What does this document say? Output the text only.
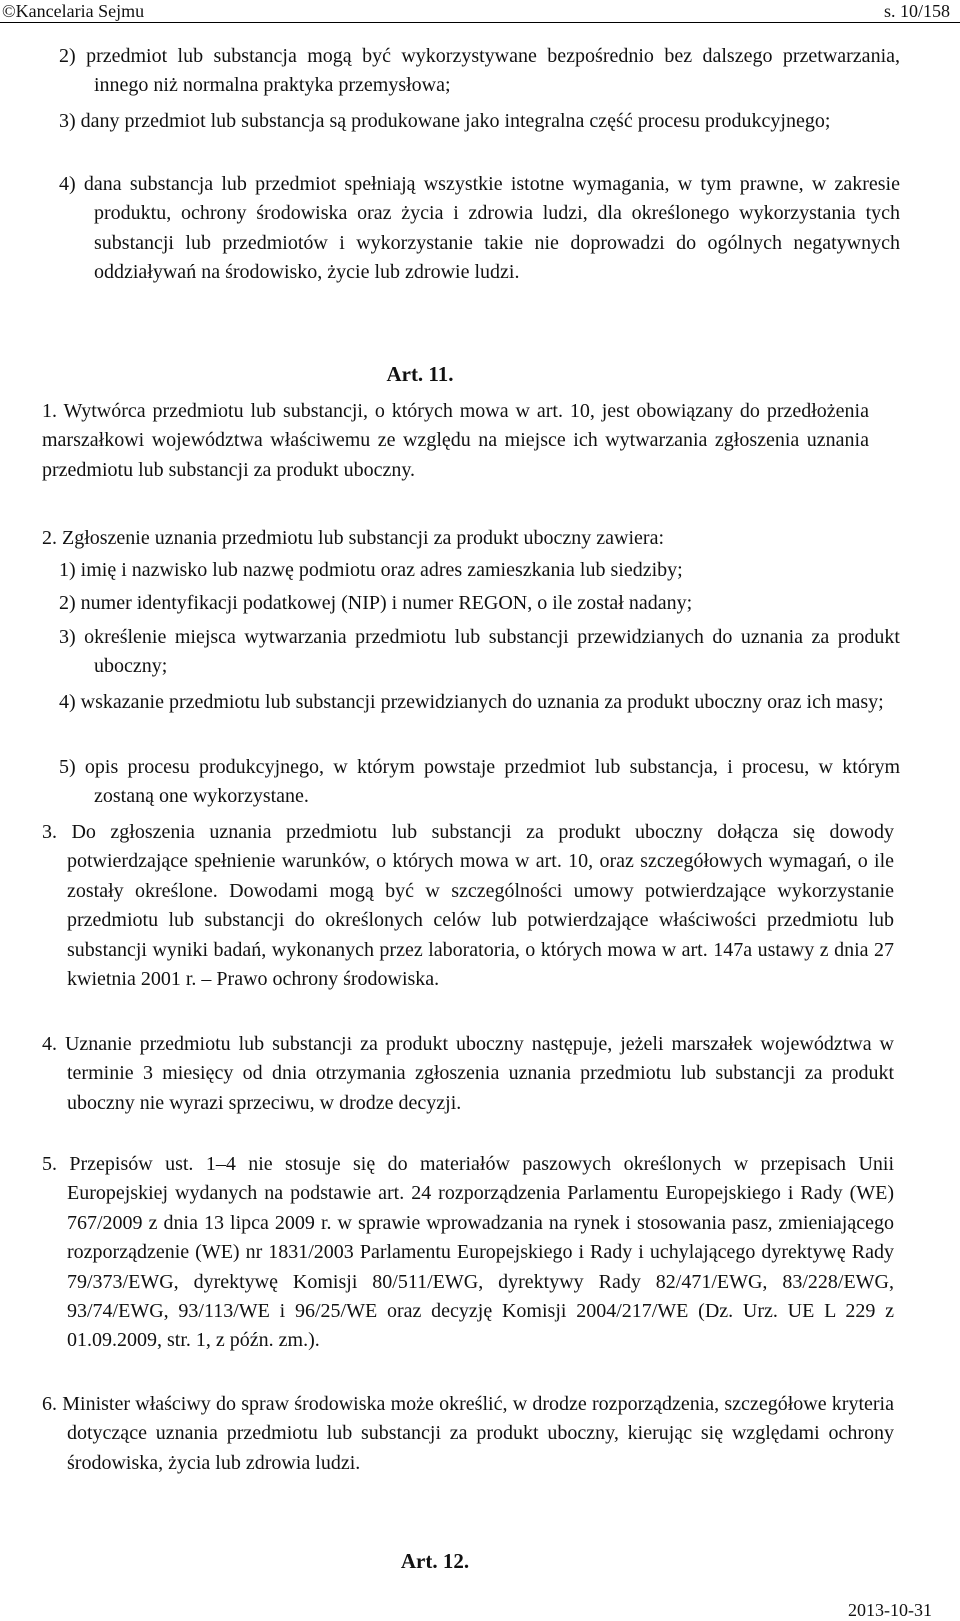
©Kancelaria Sejmu	s. 10/158
2) przedmiot lub substancja mogą być wykorzystywane bezpośrednio bez dalszego przetwarzania, innego niż normalna praktyka przemysłowa;
3) dany przedmiot lub substancja są produkowane jako integralna część procesu produkcyjnego;
4) dana substancja lub przedmiot spełniają wszystkie istotne wymagania, w tym prawne, w zakresie produktu, ochrony środowiska oraz życia i zdrowia ludzi, dla określonego wykorzystania tych substancji lub przedmiotów i wykorzystanie takie nie doprowadzi do ogólnych negatywnych oddziaływań na środowisko, życie lub zdrowie ludzi.
Art. 11.
1. Wytwórca przedmiotu lub substancji, o których mowa w art. 10, jest obowiązany do przedłożenia marszałkowi województwa właściwemu ze względu na miejsce ich wytwarzania zgłoszenia uznania przedmiotu lub substancji za produkt uboczny.
2. Zgłoszenie uznania przedmiotu lub substancji za produkt uboczny zawiera:
1) imię i nazwisko lub nazwę podmiotu oraz adres zamieszkania lub siedziby;
2) numer identyfikacji podatkowej (NIP) i numer REGON, o ile został nadany;
3) określenie miejsca wytwarzania przedmiotu lub substancji przewidzianych do uznania za produkt uboczny;
4) wskazanie przedmiotu lub substancji przewidzianych do uznania za produkt uboczny oraz ich masy;
5) opis procesu produkcyjnego, w którym powstaje przedmiot lub substancja, i procesu, w którym zostaną one wykorzystane.
3. Do zgłoszenia uznania przedmiotu lub substancji za produkt uboczny dołącza się dowody potwierdzające spełnienie warunków, o których mowa w art. 10, oraz szczegółowych wymagań, o ile zostały określone. Dowodami mogą być w szczególności umowy potwierdzające wykorzystanie przedmiotu lub substancji do określonych celów lub potwierdzające właściwości przedmiotu lub substancji wyniki badań, wykonanych przez laboratoria, o których mowa w art. 147a ustawy z dnia 27 kwietnia 2001 r. – Prawo ochrony środowiska.
4. Uznanie przedmiotu lub substancji za produkt uboczny następuje, jeżeli marszałek województwa w terminie 3 miesięcy od dnia otrzymania zgłoszenia uznania przedmiotu lub substancji za produkt uboczny nie wyrazi sprzeciwu, w drodze decyzji.
5. Przepisów ust. 1–4 nie stosuje się do materiałów paszowych określonych w przepisach Unii Europejskiej wydanych na podstawie art. 24 rozporządzenia Parlamentu Europejskiego i Rady (WE) 767/2009 z dnia 13 lipca 2009 r. w sprawie wprowadzania na rynek i stosowania pasz, zmieniającego rozporządzenie (WE) nr 1831/2003 Parlamentu Europejskiego i Rady i uchylającego dyrektywę Rady 79/373/EWG, dyrektywę Komisji 80/511/EWG, dyrektywy Rady 82/471/EWG, 83/228/EWG, 93/74/EWG, 93/113/WE i 96/25/WE oraz decyzję Komisji 2004/217/WE (Dz. Urz. UE L 229 z 01.09.2009, str. 1, z późn. zm.).
6. Minister właściwy do spraw środowiska może określić, w drodze rozporządzenia, szczegółowe kryteria dotyczące uznania przedmiotu lub substancji za produkt uboczny, kierując się względami ochrony środowiska, życia lub zdrowia ludzi.
Art. 12.
2013-10-31
